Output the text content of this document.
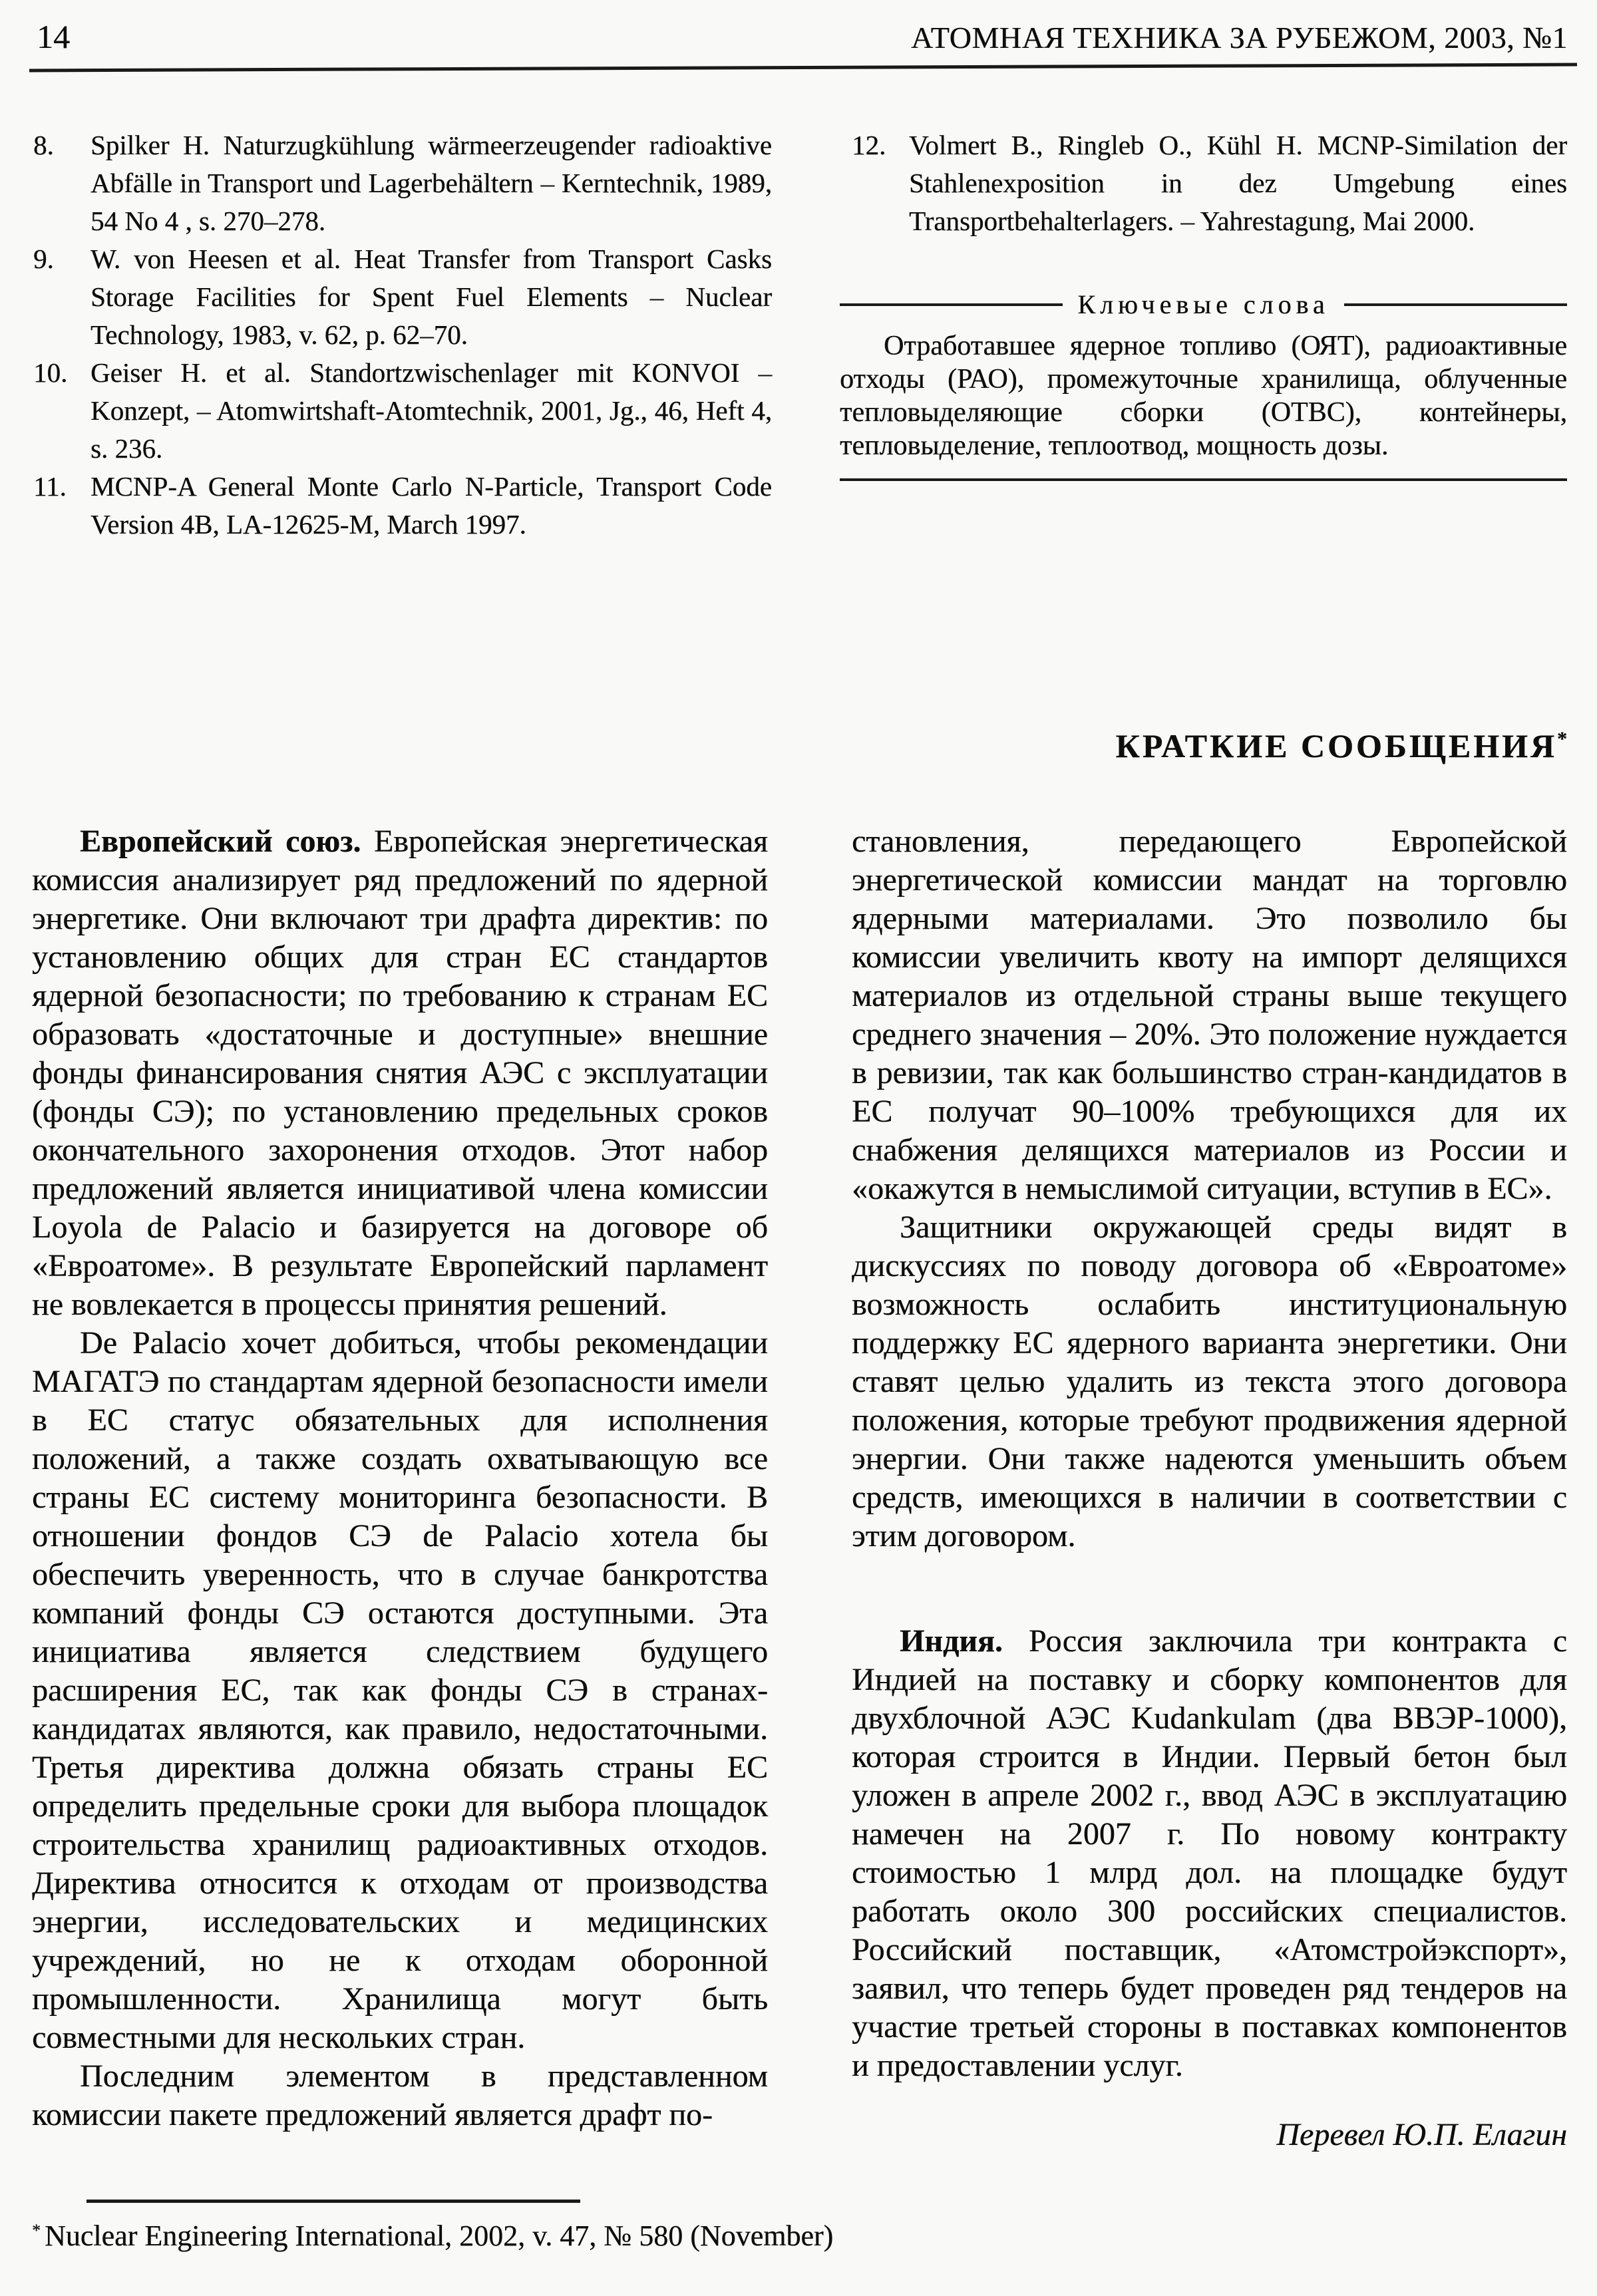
14	АТОМНАЯ ТЕХНИКА ЗА РУБЕЖОМ, 2003, №1
8. Spilker H. Naturzugkühlung wärmeerzeugender radioaktive Abfälle in Transport und Lagerbehältern – Kerntechnik, 1989, 54 No 4 , s. 270–278.
9. W. von Heesen et al. Heat Transfer from Transport Casks Storage Facilities for Spent Fuel Elements – Nuclear Technology, 1983, v. 62, p. 62–70.
10. Geiser H. et al. Standortzwischenlager mit KONVOI – Konzept, – Atomwirtshaft-Atomtechnik, 2001, Jg., 46, Heft 4, s. 236.
11. MCNP-A General Monte Carlo N-Particle, Transport Code Version 4B, LA-12625-M, March 1997.
12. Volmert B., Ringleb O., Kühl H. MCNP-Similation der Stahlenexposition in dez Umgebung eines Transportbehalterlagers. – Yahrestagung, Mai 2000.
Ключевые слова

Отработавшее ядерное топливо (ОЯТ), радиоактивные отходы (РАО), промежуточные хранилища, облученные тепловыделяющие сборки (ОТВС), контейнеры, тепловыделение, теплоотвод, мощность дозы.

КРАТКИЕ СООБЩЕНИЯ*

Европейский союз. Европейская энергетическая комиссия анализирует ряд предложений по ядерной энергетике. Они включают три драфта директив: по установлению общих для стран ЕС стандартов ядерной безопасности; по требованию к странам ЕС образовать «достаточные и доступные» внешние фонды финансирования снятия АЭС с эксплуатации (фонды СЭ); по установлению предельных сроков окончательного захоронения отходов. Этот набор предложений является инициативой члена комиссии Loyola de Palacio и базируется на договоре об «Евроатоме». В результате Европейский парламент не вовлекается в процессы принятия решений.

De Palacio хочет добиться, чтобы рекомендации МАГАТЭ по стандартам ядерной безопасности имели в ЕС статус обязательных для исполнения положений, а также создать охватывающую все страны ЕС систему мониторинга безопасности. В отношении фондов СЭ de Palacio хотела бы обеспечить уверенность, что в случае банкротства компаний фонды СЭ остаются доступными. Эта инициатива является следствием будущего расширения ЕС, так как фонды СЭ в странах-кандидатах являются, как правило, недостаточными. Третья директива должна обязать страны ЕС определить предельные сроки для выбора площадок строительства хранилищ радиоактивных отходов. Директива относится к отходам от производства энергии, исследовательских и медицинских учреждений, но не к отходам оборонной промышленности. Хранилища могут быть совместными для нескольких стран.

Последним элементом в представленном комиссии пакете предложений является драфт по-

становления, передающего Европейской энергетической комиссии мандат на торговлю ядерными материалами. Это позволило бы комиссии увеличить квоту на импорт делящихся материалов из отдельной страны выше текущего среднего значения – 20%. Это положение нуждается в ревизии, так как большинство стран-кандидатов в ЕС получат 90–100% требующихся для их снабжения делящихся материалов из России и «окажутся в немыслимой ситуации, вступив в ЕС».

Защитники окружающей среды видят в дискуссиях по поводу договора об «Евроатоме» возможность ослабить институциональную поддержку ЕС ядерного варианта энергетики. Они ставят целью удалить из текста этого договора положения, которые требуют продвижения ядерной энергии. Они также надеются уменьшить объем средств, имеющихся в наличии в соответствии с этим договором.

Индия. Россия заключила три контракта с Индией на поставку и сборку компонентов для двухблочной АЭС Kudankulam (два ВВЭР-1000), которая строится в Индии. Первый бетон был уложен в апреле 2002 г., ввод АЭС в эксплуатацию намечен на 2007 г. По новому контракту стоимостью 1 млрд дол. на площадке будут работать около 300 российских специалистов. Российский поставщик, «Атомстройэкспорт», заявил, что теперь будет проведен ряд тендеров на участие третьей стороны в поставках компонентов и предоставлении услуг.

Перевел Ю.П. Елагин

* Nuclear Engineering International, 2002, v. 47, № 580 (November)
